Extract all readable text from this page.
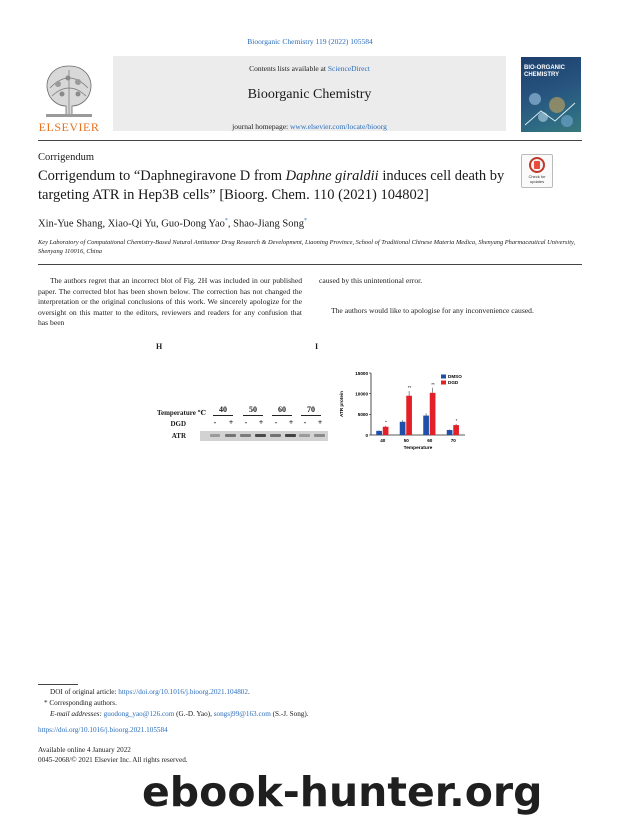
Bioorganic Chemistry 119 (2022) 105584
ELSEVIER
Contents lists available at ScienceDirect
Bioorganic Chemistry
journal homepage: www.elsevier.com/locate/bioorg
BIO-ORGANIC CHEMISTRY
Corrigendum
Check for updates
Corrigendum to “Daphnegiravone D from Daphne giraldii induces cell death by targeting ATR in Hep3B cells” [Bioorg. Chem. 110 (2021) 104802]
Xin-Yue Shang, Xiao-Qi Yu, Guo-Dong Yao*, Shao-Jiang Song*
Key Laboratory of Computational Chemistry-Based Natural Antitumor Drug Research & Development, Liaoning Province, School of Traditional Chinese Materia Medica, Shenyang Pharmaceutical University, Shenyang 110016, China
The authors regret that an incorrect blot of Fig. 2H was included in our published paper. The corrected blot has been shown below. The correction has not changed the interpretation or the original conclusions of this work. We sincerely apologize for the oversight on this matter to the editors, reviewers and readers for any confusion that has been
caused by this unintentional error.
The authors would like to apologise for any inconvenience caused.
H	I
Temperature ℃
DGD
ATR
40	50	60	70
-	+	-	+	-	+	-	+
0
5000
10000
15000
ATR protein
*
40
**
50
**
60
*
70
Temperature
DMSO
DGD
DOI of original article: https://doi.org/10.1016/j.bioorg.2021.104802.
* Corresponding authors.
E-mail addresses: guodong_yao@126.com (G.-D. Yao), songsj99@163.com (S.-J. Song).
https://doi.org/10.1016/j.bioorg.2021.105584
Available online 4 January 2022
0045-2068/© 2021 Elsevier Inc. All rights reserved.
ebook-hunter.org
